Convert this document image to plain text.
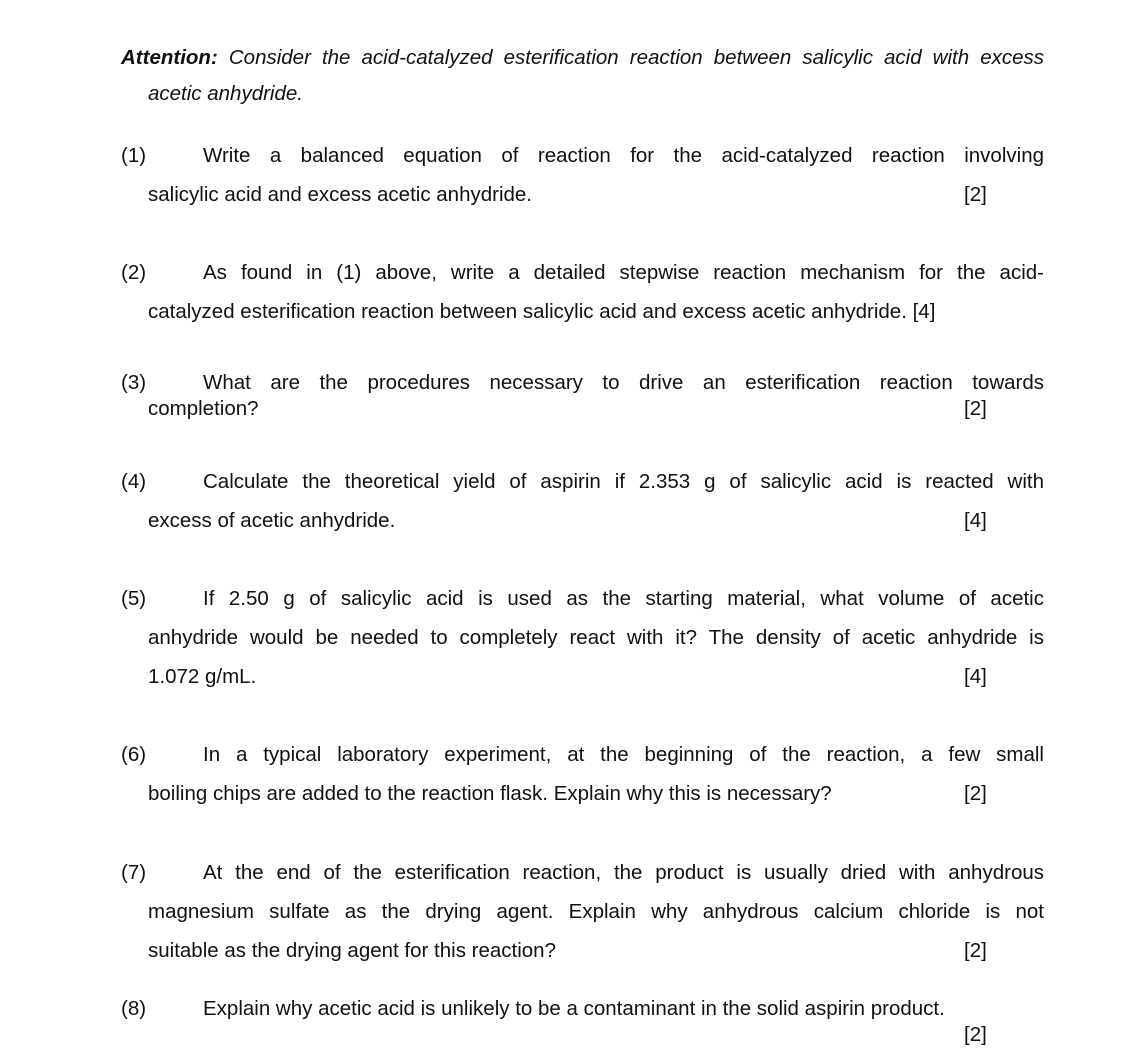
Attention: Consider the acid-catalyzed esterification reaction between salicylic acid with excess
acetic anhydride.
(1)	Write a balanced equation of reaction for the acid-catalyzed reaction involving
salicylic acid and excess acetic anhydride.	[2]
(2)	As found in (1) above, write a detailed stepwise reaction mechanism for the acid-
catalyzed esterification reaction between salicylic acid and excess acetic anhydride. [4]
(3)	What are the procedures necessary to drive an esterification reaction towards
completion?	[2]
(4)	Calculate the theoretical yield of aspirin if 2.353 g of salicylic acid is reacted with
excess of acetic anhydride.	[4]
(5)	If 2.50 g of salicylic acid is used as the starting material, what volume of acetic
anhydride would be needed to completely react with it? The density of acetic anhydride is
1.072 g/mL.	[4]
(6)	In a typical laboratory experiment, at the beginning of the reaction, a few small
boiling chips are added to the reaction flask. Explain why this is necessary?	[2]
(7)	At the end of the esterification reaction, the product is usually dried with anhydrous
magnesium sulfate as the drying agent. Explain why anhydrous calcium chloride is not
suitable as the drying agent for this reaction?	[2]
(8)	Explain why acetic acid is unlikely to be a contaminant in the solid aspirin product.
[2]
